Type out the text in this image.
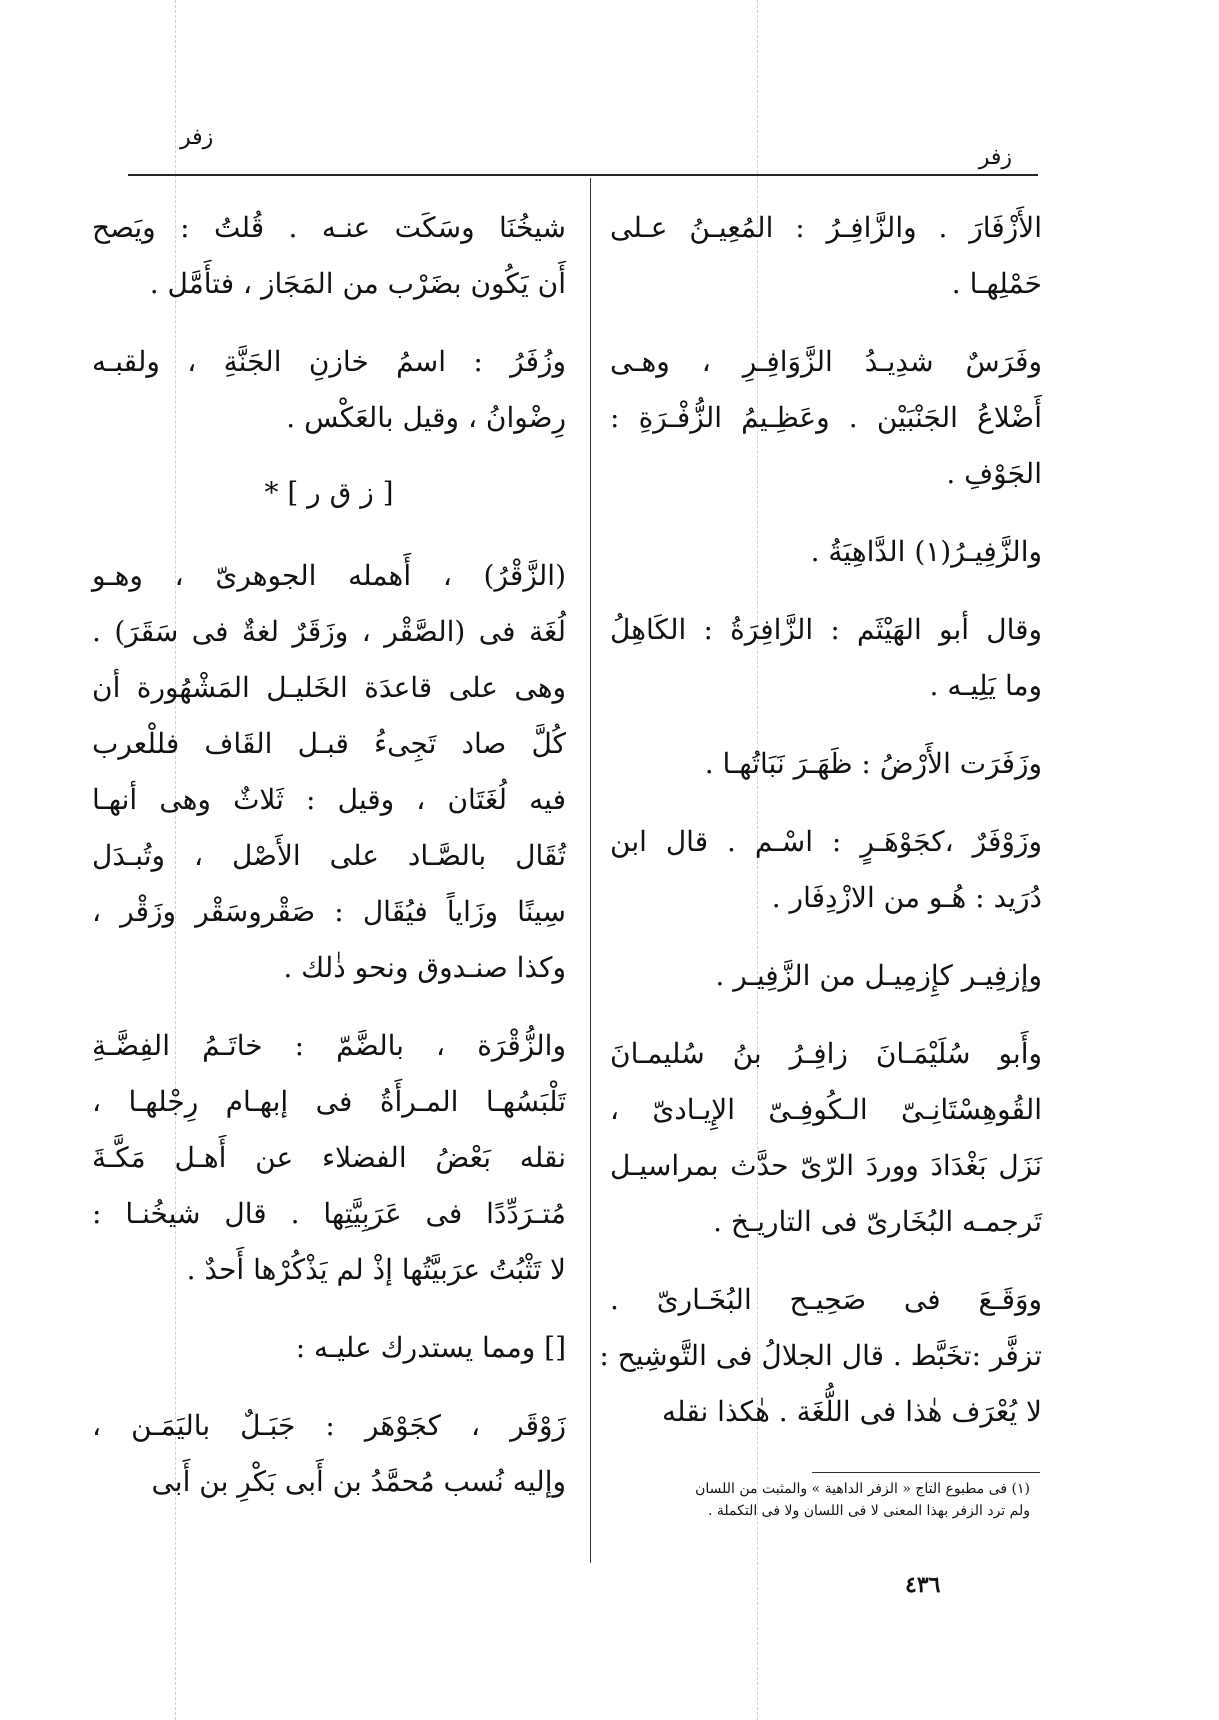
زفر
زفر
الأَزْفَارَ . والزَّافِـرُ : المُعِيـنُ عـلى
حَمْلِهـا .
وفَرَسٌ شدِيـدُ الزَّوَافِـرِ ، وهـى
أَضْلاعُ الجَنْبَيْن . وعَظِـيمُ الزُّفْـرَةِ :
الجَوْفِ .
والزَّفِيـرُ(١) الدَّاهِيَةُ .
وقال أبو الهَيْثَم : الزَّافِرَةُ : الكَاهِلُ
وما يَلِيـه .
وزَفَرَت الأَرْضُ : ظَهَـرَ نَبَاتُهـا .
وزَوْفَرٌ ،كجَوْهَـرٍ : اسْـم . قال ابن
دُرَيد : هُـو من الازْدِفَار .
وإزفِيـر كإِزمِيـل من الزَّفِيـر .
وأَبو سُلَيْمَـانَ زافِـرُ بنُ سُليمـانَ
القُوهِسْتَانِـىّ الـكُوفِـىّ الإِيـادىّ ،
نَزَل بَغْدَادَ ووردَ الرّىّ حدَّث بمراسيـل
تَرجمـه البُخَارىّ فى التاريـخ .
ووَقَـعَ فى صَحِيـح البُخَـارىّ .
تزفَّر :تخَبَّط . قال الجلالُ فى التَّوشِيح :
لا يُعْرَف هٰذا فى اللُّغَة . هٰكذا نقله
شيخُنَا وسَكَت عنـه . قُلتُ : ويَصح
أَن يَكُون بضَرْب من المَجَاز ، فتأَمَّل .
وزُفَرُ : اسمُ خازنِ الجَنَّةِ ، ولقبـه
رِضْوانُ ، وقيل بالعَكْس .
[ ز ق ر ] *
(الزَّقْرُ) ، أَهمله الجوهرىّ ، وهـو
لُغَة فى (الصَّقْر ، وزَقَرٌ لغةٌ فى سَقَرَ) .
وهى على قاعدَة الخَليـل المَشْهُورة أن
كُلَّ صاد تَجِىءُ قبـل القَاف فللْعرب
فيه لُغَتَان ، وقيل : ثَلاثٌ وهى أنهـا
تُقَال بالصَّـاد على الأَصْل ، وتُبـدَل
سِينًا وزَاياً فيُقَال : صَقْروسَقْر وزَقْر ،
وكذا صنـدوق ونحو ذٰلك .
والزُّقْرَة ، بالضَّمّ : خاتَـمُ الفِضَّـةِ
تَلْبَسُهـا المـرأَةُ فى إبهـام رِجْلهـا ،
نقله بَعْضُ الفضلاء عن أَهـل مَكَّـةَ
مُتـرَدِّدًا فى عَرَبِيَّتِها . قال شيخُنـا :
لا تَثْبُتُ عرَبيَّتُها إذْ لم يَذْكُرْها أَحدٌ .
[] ومما يستدرك عليـه :
زَوْقَر ، كجَوْهَر : جَبَـلٌ باليَمَـن ،
وإليه نُسب مُحمَّدُ بن أَبى بَكْرِ بن أَبى	(١) فى مطبوع التاج « الزفر الداهية » والمثبت من اللسان
ولم ترد الزفر بهذا المعنى لا فى اللسان ولا فى التكملة .
٤٣٦
